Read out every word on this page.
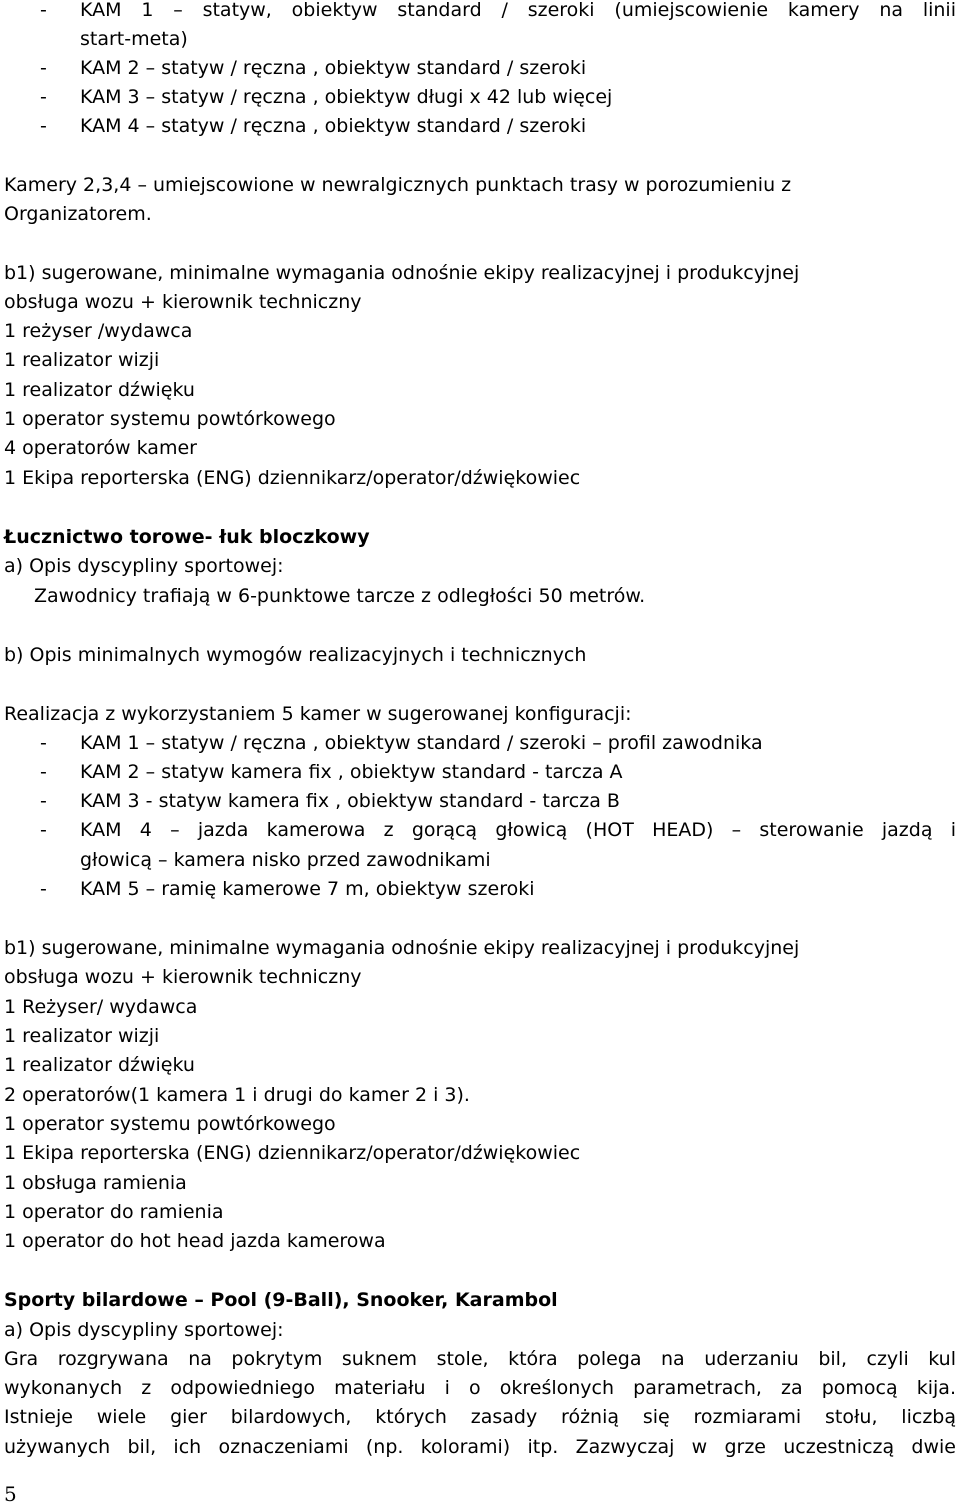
-	KAM 1 – statyw, obiektyw standard / szeroki (umiejscowienie kamery na linii
start-meta)
-	KAM 2 – statyw / ręczna , obiektyw standard / szeroki
-	KAM 3 – statyw / ręczna , obiektyw długi x 42 lub więcej
-	KAM 4 – statyw / ręczna , obiektyw standard / szeroki
Kamery 2,3,4 – umiejscowione w newralgicznych punktach trasy w porozumieniu z
Organizatorem.
b1) sugerowane, minimalne wymagania odnośnie ekipy realizacyjnej i produkcyjnej
obsługa wozu + kierownik techniczny
1 reżyser /wydawca
1 realizator wizji
1 realizator dźwięku
1 operator systemu powtórkowego
4 operatorów kamer
1 Ekipa reporterska (ENG) dziennikarz/operator/dźwiękowiec
Łucznictwo torowe- łuk bloczkowy
a) Opis dyscypliny sportowej:
Zawodnicy trafiają w 6-punktowe tarcze z odległości 50 metrów.
b) Opis minimalnych wymogów realizacyjnych i technicznych
Realizacja z wykorzystaniem 5 kamer w sugerowanej konfiguracji:
-	KAM 1 – statyw / ręczna , obiektyw standard / szeroki – profil zawodnika
-	KAM 2 – statyw kamera fix , obiektyw standard - tarcza A
-	KAM 3 - statyw kamera fix , obiektyw standard - tarcza B
-	KAM 4 – jazda kamerowa z gorącą głowicą (HOT HEAD) – sterowanie jazdą i
głowicą – kamera nisko przed zawodnikami
-	KAM 5 – ramię kamerowe 7 m, obiektyw szeroki
b1) sugerowane, minimalne wymagania odnośnie ekipy realizacyjnej i produkcyjnej
obsługa wozu + kierownik techniczny
1 Reżyser/ wydawca
1 realizator wizji
1 realizator dźwięku
2 operatorów(1 kamera 1 i drugi do kamer 2 i 3).
1 operator systemu powtórkowego
1 Ekipa reporterska (ENG) dziennikarz/operator/dźwiękowiec
1 obsługa ramienia
1 operator do ramienia
1 operator do hot head jazda kamerowa
Sporty bilardowe – Pool (9-Ball), Snooker, Karambol
a) Opis dyscypliny sportowej:
Gra rozgrywana na pokrytym suknem stole, która polega na uderzaniu bil, czyli kul
wykonanych z odpowiedniego materiału i o określonych parametrach, za pomocą kija.
Istnieje wiele gier bilardowych, których zasady różnią się rozmiarami stołu, liczbą
używanych bil, ich oznaczeniami (np. kolorami) itp. Zazwyczaj w grze uczestniczą dwie
5
